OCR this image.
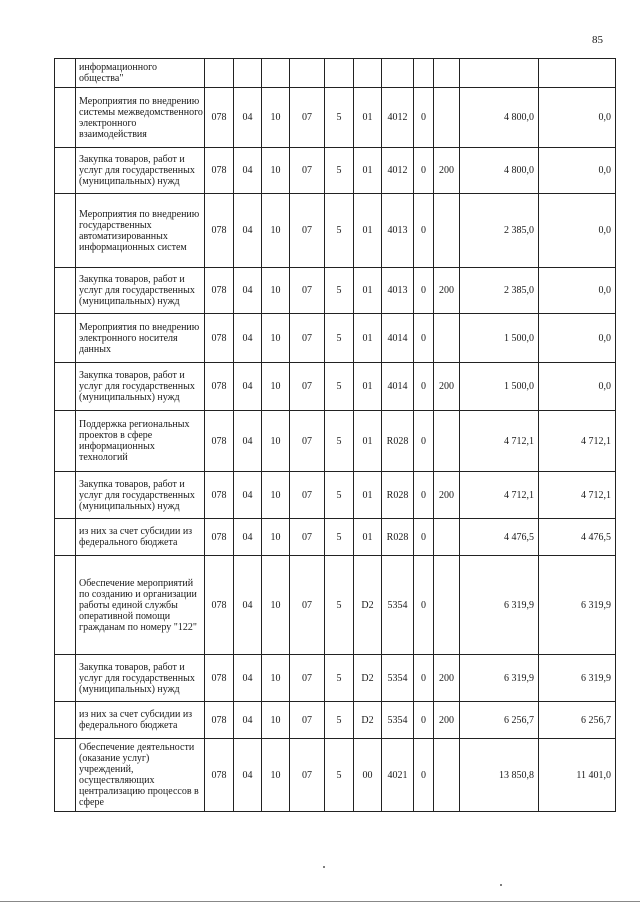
85
	информационного общества"											
	Мероприятия по внедрению системы межведомственного электронного взаимодействия	078	04	10	07	5	01	4012	0		4 800,0	0,0
	Закупка товаров, работ и услуг для государственных (муниципальных) нужд	078	04	10	07	5	01	4012	0	200	4 800,0	0,0
	Мероприятия по внедрению государственных автоматизированных информационных систем	078	04	10	07	5	01	4013	0		2 385,0	0,0
	Закупка товаров, работ и услуг для государственных (муниципальных) нужд	078	04	10	07	5	01	4013	0	200	2 385,0	0,0
	Мероприятия по внедрению электронного носителя данных	078	04	10	07	5	01	4014	0		1 500,0	0,0
	Закупка товаров, работ и услуг для государственных (муниципальных) нужд	078	04	10	07	5	01	4014	0	200	1 500,0	0,0
	Поддержка региональных проектов в сфере информационных технологий	078	04	10	07	5	01	R028	0		4 712,1	4 712,1
	Закупка товаров, работ и услуг для государственных (муниципальных) нужд	078	04	10	07	5	01	R028	0	200	4 712,1	4 712,1
	из них за счет субсидии из федерального бюджета	078	04	10	07	5	01	R028	0		4 476,5	4 476,5
	Обеспечение мероприятий по созданию и организации работы единой службы оперативной помощи гражданам по номеру "122"	078	04	10	07	5	D2	5354	0		6 319,9	6 319,9
	Закупка товаров, работ и услуг для государственных (муниципальных) нужд	078	04	10	07	5	D2	5354	0	200	6 319,9	6 319,9
	из них за счет субсидии из федерального бюджета	078	04	10	07	5	D2	5354	0	200	6 256,7	6 256,7
	Обеспечение деятельности (оказание услуг) учреждений, осуществляющих централизацию процессов в сфере	078	04	10	07	5	00	4021	0		13 850,8	11 401,0
